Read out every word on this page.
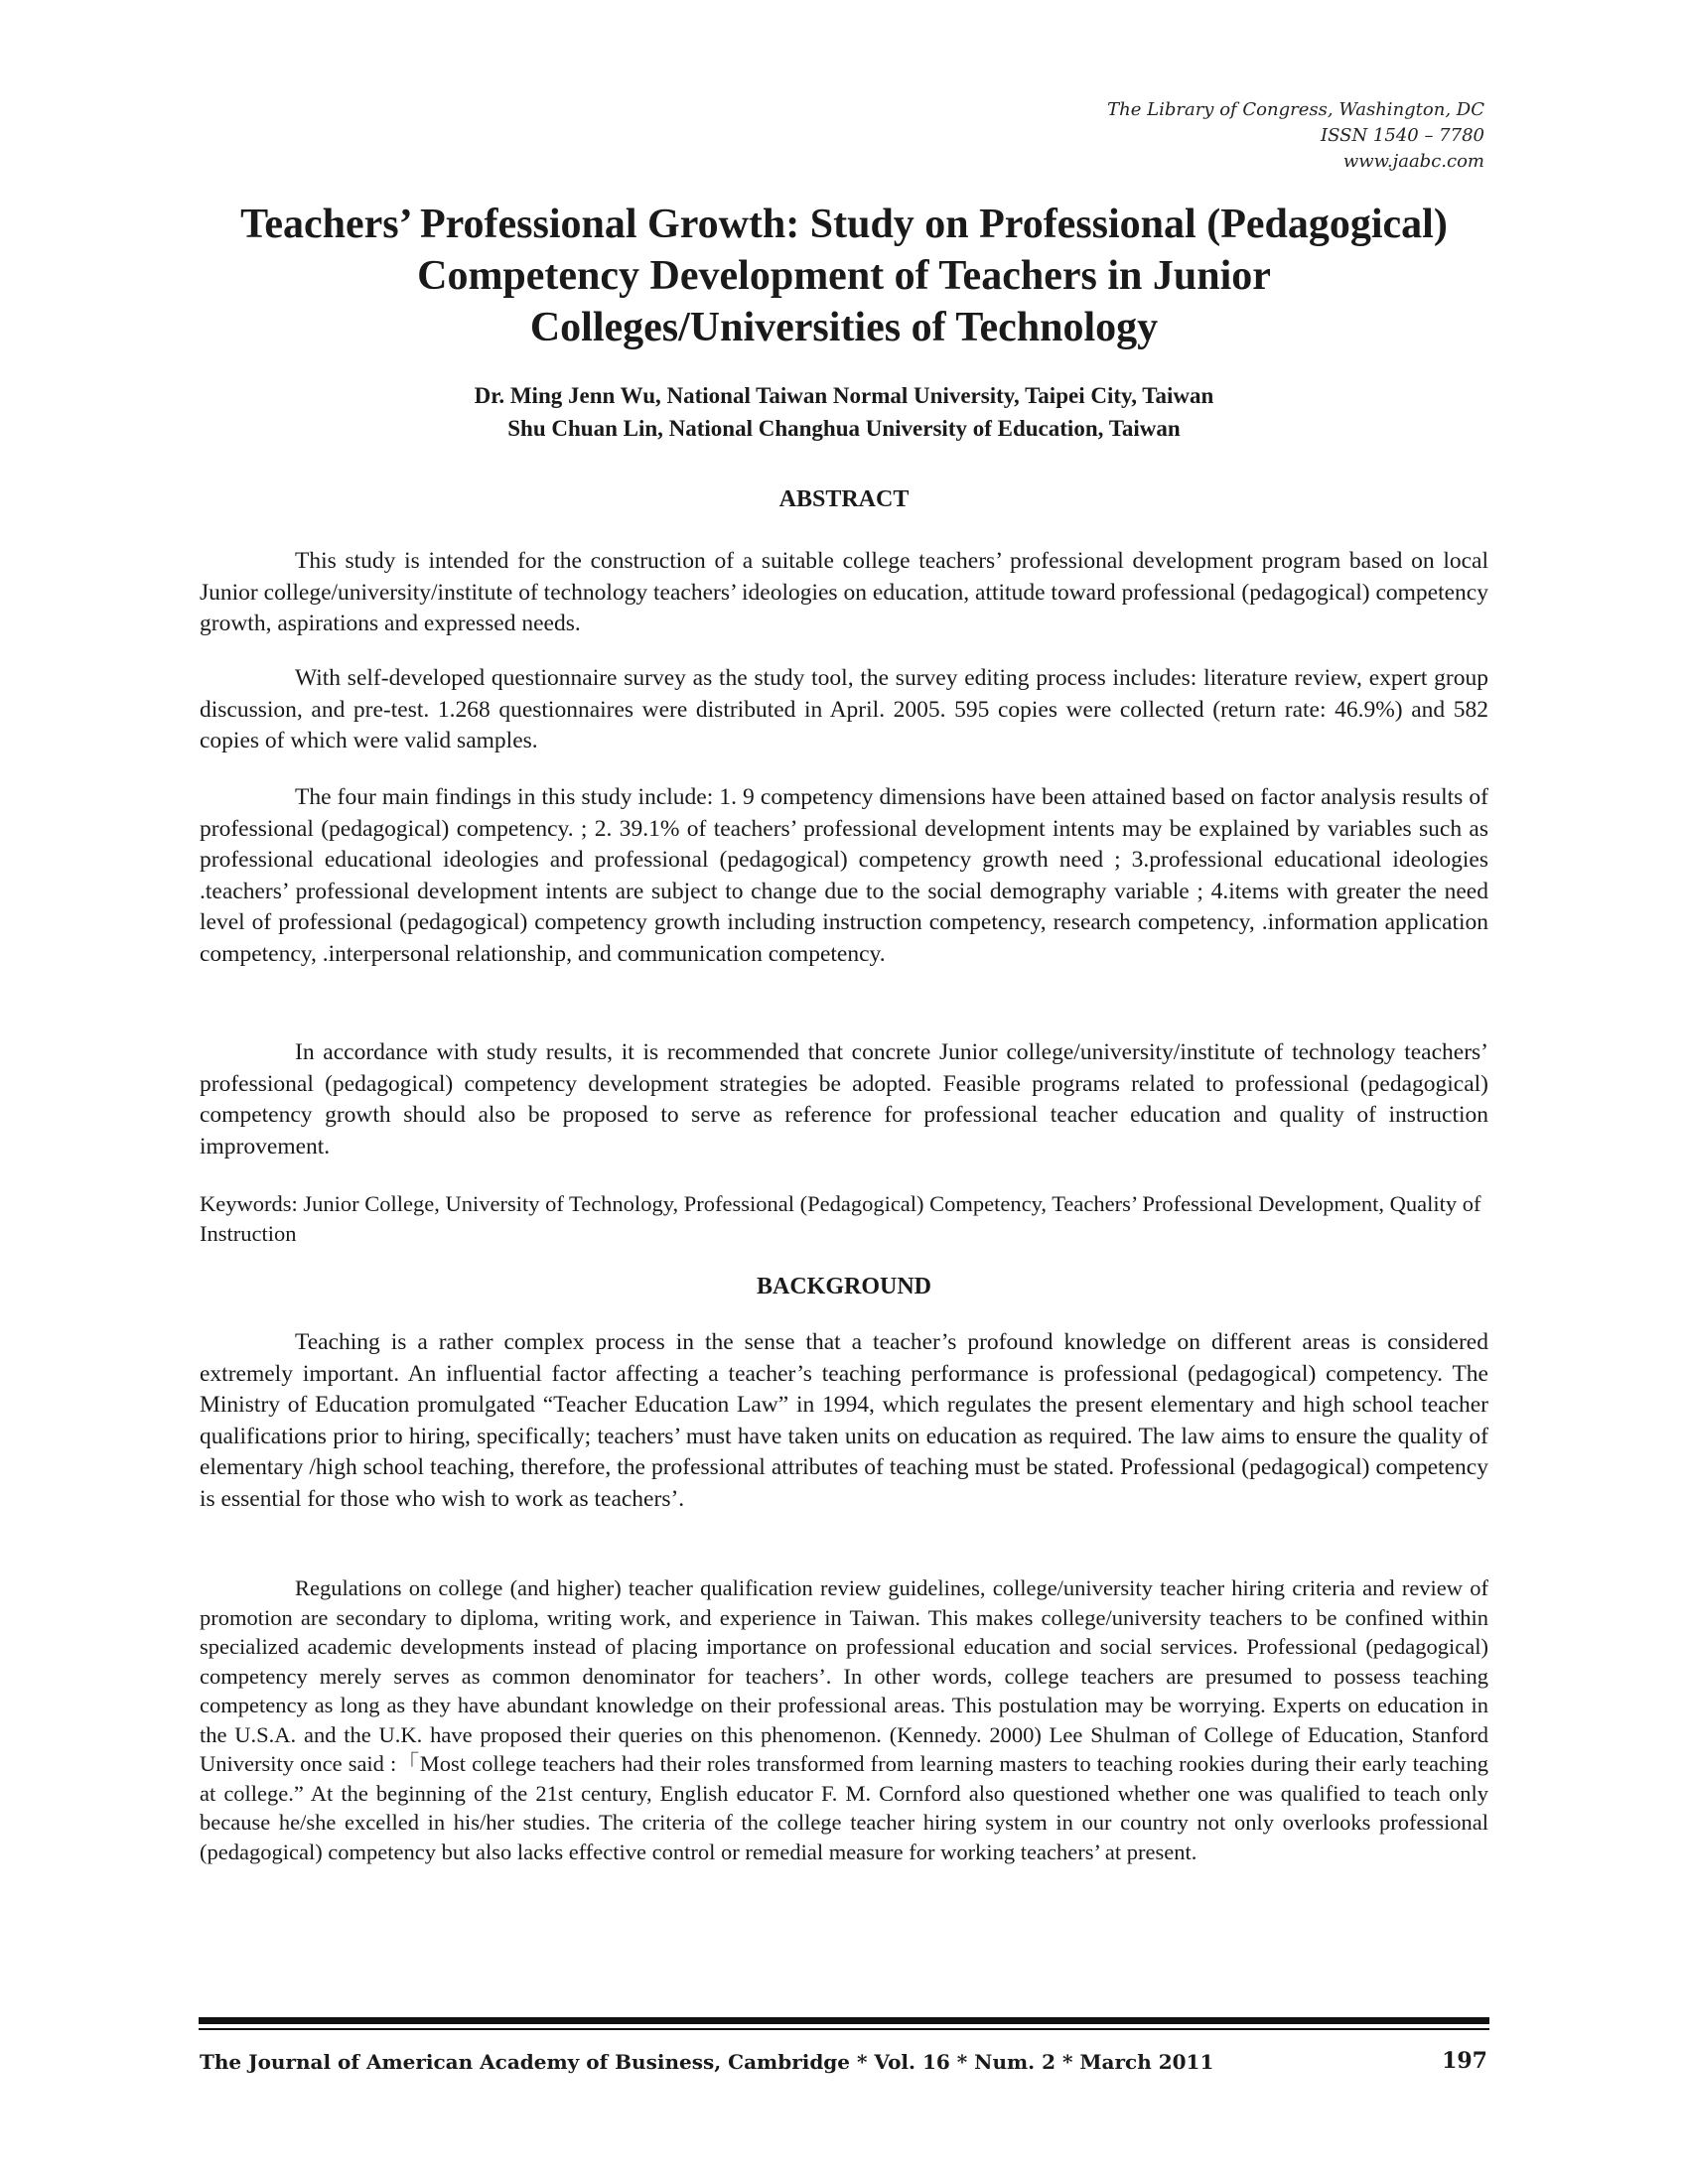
The Library of Congress, Washington, DC
ISSN 1540 – 7780
www.jaabc.com
Teachers’ Professional Growth: Study on Professional (Pedagogical)
Competency Development of Teachers in Junior
Colleges/Universities of Technology
Dr. Ming Jenn Wu, National Taiwan Normal University, Taipei City, Taiwan
Shu Chuan Lin, National Changhua University of Education, Taiwan
ABSTRACT

This study is intended for the construction of a suitable college teachers’ professional development program based on local Junior college/university/institute of technology teachers’ ideologies on education, attitude toward professional (pedagogical) competency growth, aspirations and expressed needs.

With self-developed questionnaire survey as the study tool, the survey editing process includes: literature review, expert group discussion, and pre-test. 1.268 questionnaires were distributed in April. 2005. 595 copies were collected (return rate: 46.9%) and 582 copies of which were valid samples.

The four main findings in this study include: 1. 9 competency dimensions have been attained based on factor analysis results of professional (pedagogical) competency. ; 2. 39.1% of teachers’ professional development intents may be explained by variables such as professional educational ideologies and professional (pedagogical) competency growth need ; 3.professional educational ideologies .teachers’ professional development intents are subject to change due to the social demography variable ; 4.items with greater the need level of professional (pedagogical) competency growth including instruction competency, research competency, .information application competency, .interpersonal relationship, and communication competency.

In accordance with study results, it is recommended that concrete Junior college/university/institute of technology teachers’ professional (pedagogical) competency development strategies be adopted. Feasible programs related to professional (pedagogical) competency growth should also be proposed to serve as reference for professional teacher education and quality of instruction improvement.

Keywords: Junior College, University of Technology, Professional (Pedagogical) Competency, Teachers’ Professional Development, Quality of Instruction

BACKGROUND

Teaching is a rather complex process in the sense that a teacher’s profound knowledge on different areas is considered extremely important. An influential factor affecting a teacher’s teaching performance is professional (pedagogical) competency. The Ministry of Education promulgated “Teacher Education Law” in 1994, which regulates the present elementary and high school teacher qualifications prior to hiring, specifically; teachers’ must have taken units on education as required. The law aims to ensure the quality of elementary /high school teaching, therefore, the professional attributes of teaching must be stated. Professional (pedagogical) competency is essential for those who wish to work as teachers’.

Regulations on college (and higher) teacher qualification review guidelines, college/university teacher hiring criteria and review of promotion are secondary to diploma, writing work, and experience in Taiwan. This makes college/university teachers to be confined within specialized academic developments instead of placing importance on professional education and social services. Professional (pedagogical) competency merely serves as common denominator for teachers’. In other words, college teachers are presumed to possess teaching competency as long as they have abundant knowledge on their professional areas. This postulation may be worrying. Experts on education in the U.S.A. and the U.K. have proposed their queries on this phenomenon. (Kennedy. 2000) Lee Shulman of College of Education, Stanford University once said :「Most college teachers had their roles transformed from learning masters to teaching rookies during their early teaching at college.” At the beginning of the 21st century, English educator F. M. Cornford also questioned whether one was qualified to teach only because he/she excelled in his/her studies. The criteria of the college teacher hiring system in our country not only overlooks professional (pedagogical) competency but also lacks effective control or remedial measure for working teachers’ at present.

The Journal of American Academy of Business, Cambridge * Vol. 16 * Num. 2 * March 2011	197
